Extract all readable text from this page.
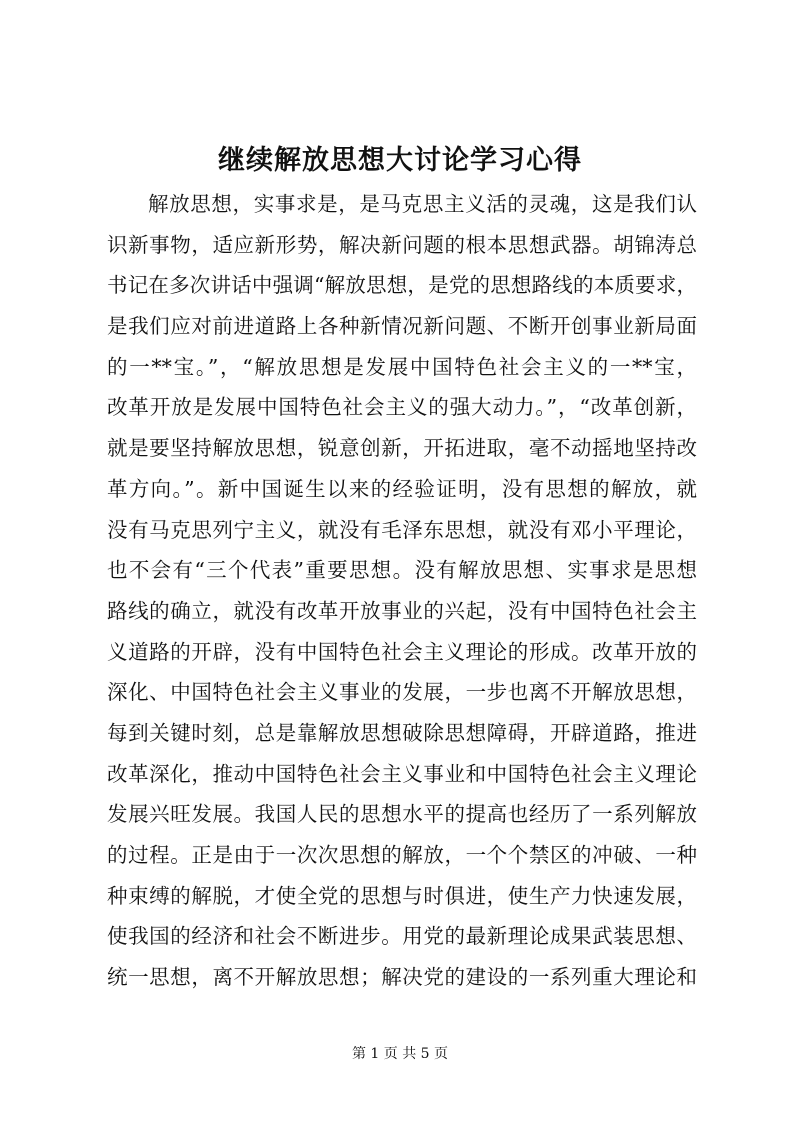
继续解放思想大讨论学习心得
解放思想，实事求是，是马克思主义活的灵魂，这是我们认
识新事物，适应新形势，解决新问题的根本思想武器。胡锦涛总
书记在多次讲话中强调“解放思想，是党的思想路线的本质要求，
是我们应对前进道路上各种新情况新问题、不断开创事业新局面
的一**宝。”，“解放思想是发展中国特色社会主义的一**宝，
改革开放是发展中国特色社会主义的强大动力。”，“改革创新，
就是要坚持解放思想，锐意创新，开拓进取，毫不动摇地坚持改
革方向。”。新中国诞生以来的经验证明，没有思想的解放，就
没有马克思列宁主义，就没有毛泽东思想，就没有邓小平理论，
也不会有“三个代表”重要思想。没有解放思想、实事求是思想
路线的确立，就没有改革开放事业的兴起，没有中国特色社会主
义道路的开辟，没有中国特色社会主义理论的形成。改革开放的
深化、中国特色社会主义事业的发展，一步也离不开解放思想，
每到关键时刻，总是靠解放思想破除思想障碍，开辟道路，推进
改革深化，推动中国特色社会主义事业和中国特色社会主义理论
发展兴旺发展。我国人民的思想水平的提高也经历了一系列解放
的过程。正是由于一次次思想的解放，一个个禁区的冲破、一种
种束缚的解脱，才使全党的思想与时俱进，使生产力快速发展，
使我国的经济和社会不断进步。用党的最新理论成果武装思想、
统一思想，离不开解放思想；解决党的建设的一系列重大理论和
第 1 页 共 5 页
